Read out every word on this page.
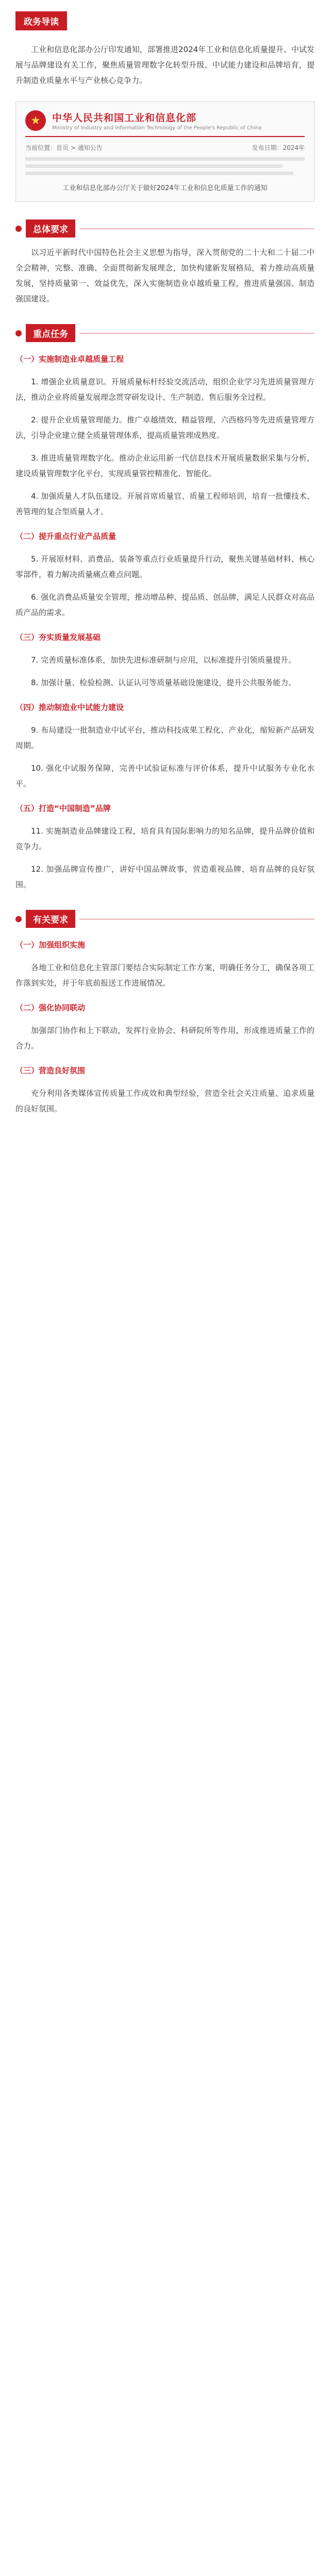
政务导读

工业和信息化部办公厅印发通知，部署推进2024年工业和信息化质量提升、中试发展与品牌建设有关工作，聚焦质量管理数字化转型升级、中试能力建设和品牌培育，提升制造业质量水平与产业核心竞争力。

★	中华人民共和国工业和信息化部
Ministry of Industry and Information Technology of the People's Republic of China
当前位置：首页 > 通知公告	发布日期：2024年
工业和信息化部办公厅关于做好2024年工业和信息化质量工作的通知
总体要求

以习近平新时代中国特色社会主义思想为指导，深入贯彻党的二十大和二十届二中全会精神，完整、准确、全面贯彻新发展理念，加快构建新发展格局，着力推动高质量发展，坚持质量第一、效益优先，深入实施制造业卓越质量工程，推进质量强国、制造强国建设。

重点任务
（一）实施制造业卓越质量工程

1. 增强企业质量意识。开展质量标杆经验交流活动，组织企业学习先进质量管理方法，推动企业将质量发展理念贯穿研发设计、生产制造、售后服务全过程。

2. 提升企业质量管理能力。推广卓越绩效、精益管理、六西格玛等先进质量管理方法，引导企业建立健全质量管理体系，提高质量管理成熟度。

3. 推进质量管理数字化。推动企业运用新一代信息技术开展质量数据采集与分析，建设质量管理数字化平台，实现质量管控精准化、智能化。

4. 加强质量人才队伍建设。开展首席质量官、质量工程师培训，培育一批懂技术、善管理的复合型质量人才。

（二）提升重点行业产品质量

5. 开展原材料、消费品、装备等重点行业质量提升行动，聚焦关键基础材料、核心零部件，着力解决质量痛点难点问题。

6. 强化消费品质量安全管理，推动增品种、提品质、创品牌，满足人民群众对高品质产品的需求。

（三）夯实质量发展基础

7. 完善质量标准体系，加快先进标准研制与应用，以标准提升引领质量提升。

8. 加强计量、检验检测、认证认可等质量基础设施建设，提升公共服务能力。

（四）推动制造业中试能力建设

9. 布局建设一批制造业中试平台，推动科技成果工程化、产业化，缩短新产品研发周期。

10. 强化中试服务保障，完善中试验证标准与评价体系，提升中试服务专业化水平。

（五）打造“中国制造”品牌

11. 实施制造业品牌建设工程，培育具有国际影响力的知名品牌，提升品牌价值和竞争力。

12. 加强品牌宣传推广，讲好中国品牌故事，营造重视品牌、培育品牌的良好氛围。

有关要求
（一）加强组织实施

各地工业和信息化主管部门要结合实际制定工作方案，明确任务分工，确保各项工作落到实处，并于年底前报送工作进展情况。

（二）强化协同联动

加强部门协作和上下联动，发挥行业协会、科研院所等作用，形成推进质量工作的合力。

（三）营造良好氛围

充分利用各类媒体宣传质量工作成效和典型经验，营造全社会关注质量、追求质量的良好氛围。
